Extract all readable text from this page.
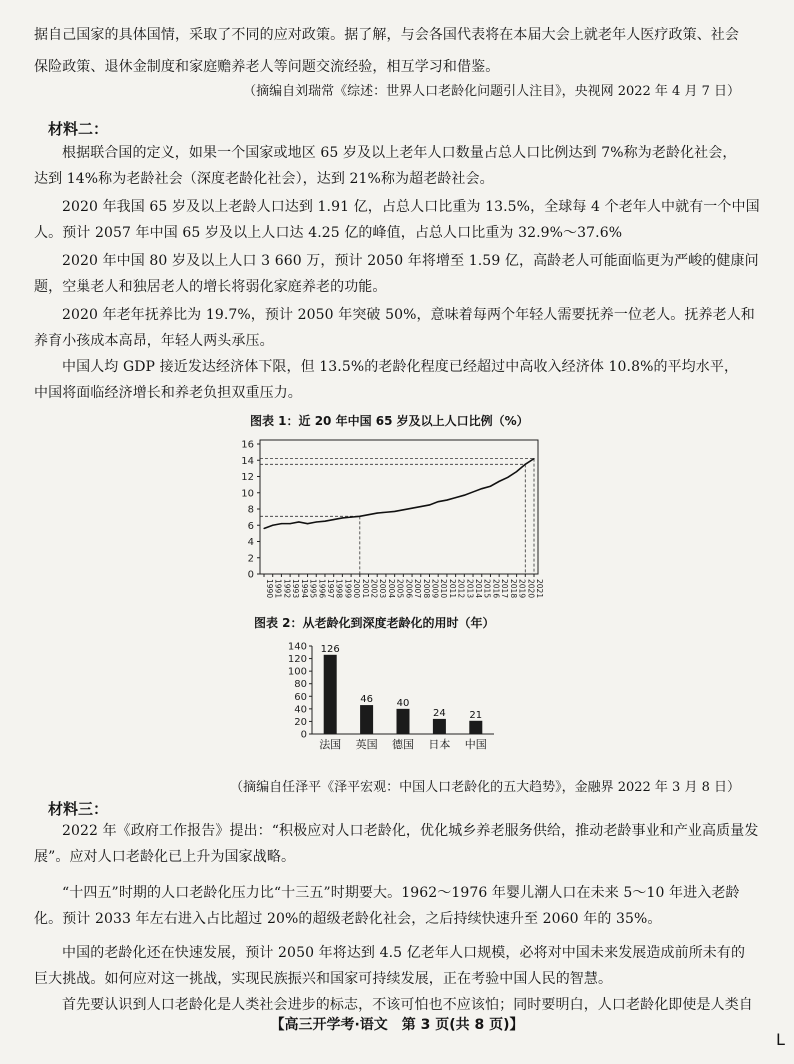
据自己国家的具体国情，采取了不同的应对政策。据了解，与会各国代表将在本届大会上就老年人医疗政策、社会
保险政策、退休金制度和家庭赡养老人等问题交流经验，相互学习和借鉴。
（摘编自刘瑞常《综述：世界人口老龄化问题引人注目》，央视网 2022 年 4 月 7 日）
材料二：
根据联合国的定义，如果一个国家或地区 65 岁及以上老年人口数量占总人口比例达到 7%称为老龄化社会，
达到 14%称为老龄社会（深度老龄化社会），达到 21%称为超老龄社会。
2020 年我国 65 岁及以上老龄人口达到 1.91 亿，占总人口比重为 13.5%，全球每 4 个老年人中就有一个中国
人。预计 2057 年中国 65 岁及以上人口达 4.25 亿的峰值，占总人口比重为 32.9%～37.6%
2020 年中国 80 岁及以上人口 3 660 万，预计 2050 年将增至 1.59 亿，高龄老人可能面临更为严峻的健康问
题，空巢老人和独居老人的增长将弱化家庭养老的功能。
2020 年老年抚养比为 19.7%，预计 2050 年突破 50%，意味着每两个年轻人需要抚养一位老人。抚养老人和
养育小孩成本高昂，年轻人两头承压。
中国人均 GDP 接近发达经济体下限，但 13.5%的老龄化程度已经超过中高收入经济体 10.8%的平均水平，
中国将面临经济增长和养老负担双重压力。
图表 1：近 20 年中国 65 岁及以上人口比例（%）
0
2
4
6
8
10
12
14
16
1990 1991 1992 1993 1994 1995 1996 1997 1998 1999 2000 2001 2002 2003 2004 2005 2006 2007 2008 2009 2010 2011 2012 2013 2014 2015 2016 2017 2018 2019 2020 2021
图表 2：从老龄化到深度老龄化的用时（年）
0
20
40
60
80
100
120
140 126
法国
46
英国
40
德国
24
日本
21
中国
（摘编自任泽平《泽平宏观：中国人口老龄化的五大趋势》，金融界 2022 年 3 月 8 日）
材料三：
2022 年《政府工作报告》提出：“积极应对人口老龄化，优化城乡养老服务供给，推动老龄事业和产业高质量发
展”。应对人口老龄化已上升为国家战略。
“十四五”时期的人口老龄化压力比“十三五”时期要大。1962～1976 年婴儿潮人口在未来 5～10 年进入老龄
化。预计 2033 年左右进入占比超过 20%的超级老龄化社会，之后持续快速升至 2060 年的 35%。
中国的老龄化还在快速发展，预计 2050 年将达到 4.5 亿老年人口规模，必将对中国未来发展造成前所未有的
巨大挑战。如何应对这一挑战，实现民族振兴和国家可持续发展，正在考验中国人民的智慧。
首先要认识到人口老龄化是人类社会进步的标志，不该可怕也不应该怕；同时要明白，人口老龄化即使是人类自
【高三开学考·语文　第 3 页(共 8 页)】
L
